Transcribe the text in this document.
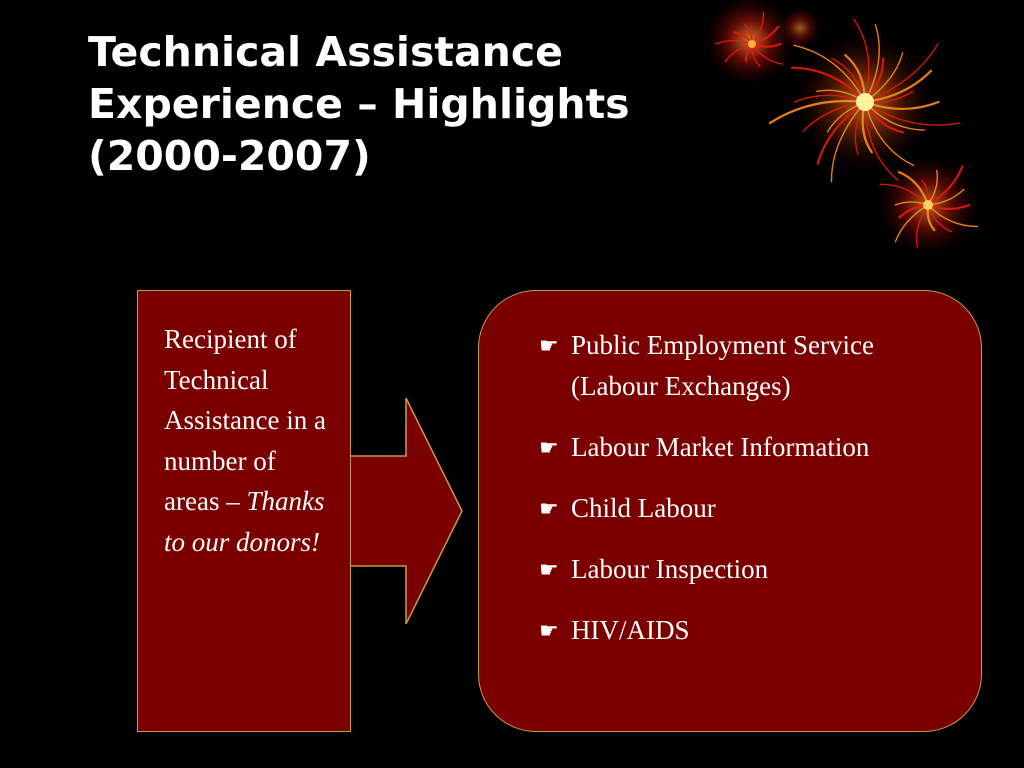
Technical Assistance
Experience – Highlights
(2000-2007)
Recipient of Technical Assistance in a number of areas – Thanks to our donors!
☛ Public Employment Service (Labour Exchanges)
☛ Labour Market Information
☛ Child Labour
☛ Labour Inspection
☛ HIV/AIDS
